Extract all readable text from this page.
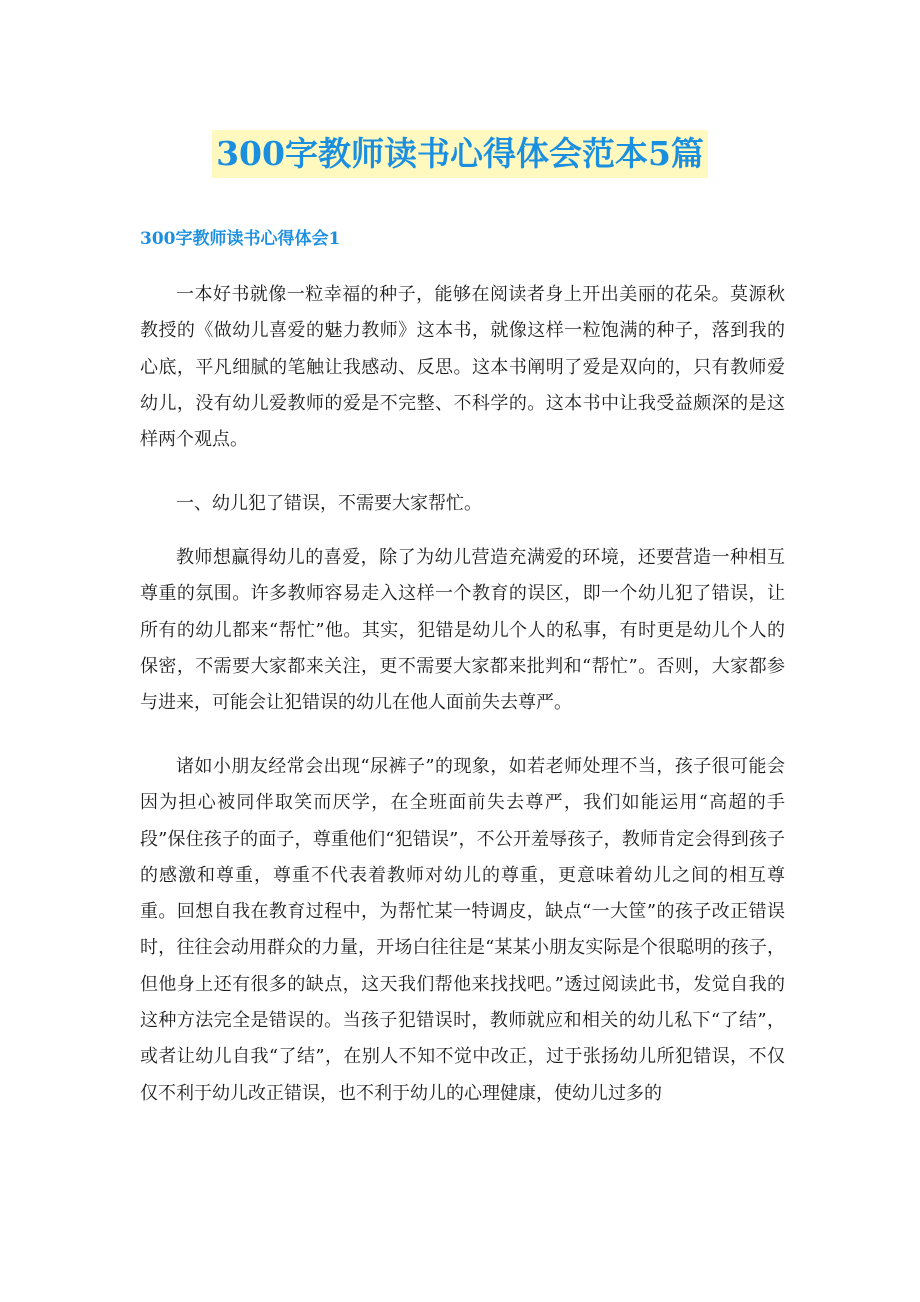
300字教师读书心得体会范本5篇
300字教师读书心得体会1

一本好书就像一粒幸福的种子，能够在阅读者身上开出美丽的花朵。莫源秋教授的《做幼儿喜爱的魅力教师》这本书，就像这样一粒饱满的种子，落到我的心底，平凡细腻的笔触让我感动、反思。这本书阐明了爱是双向的，只有教师爱幼儿，没有幼儿爱教师的爱是不完整、不科学的。这本书中让我受益颇深的是这样两个观点。

一、幼儿犯了错误，不需要大家帮忙。

教师想赢得幼儿的喜爱，除了为幼儿营造充满爱的环境，还要营造一种相互尊重的氛围。许多教师容易走入这样一个教育的误区，即一个幼儿犯了错误，让所有的幼儿都来“帮忙”他。其实，犯错是幼儿个人的私事，有时更是幼儿个人的保密，不需要大家都来关注，更不需要大家都来批判和“帮忙”。否则，大家都参与进来，可能会让犯错误的幼儿在他人面前失去尊严。

诸如小朋友经常会出现“尿裤子”的现象，如若老师处理不当，孩子很可能会因为担心被同伴取笑而厌学，在全班面前失去尊严，我们如能运用“高超的手段”保住孩子的面子，尊重他们“犯错误”，不公开羞辱孩子，教师肯定会得到孩子的感激和尊重，尊重不代表着教师对幼儿的尊重，更意味着幼儿之间的相互尊重。回想自我在教育过程中，为帮忙某一特调皮，缺点“一大筐”的孩子改正错误时，往往会动用群众的力量，开场白往往是“某某小朋友实际是个很聪明的孩子，但他身上还有很多的缺点，这天我们帮他来找找吧。”透过阅读此书，发觉自我的这种方法完全是错误的。当孩子犯错误时，教师就应和相关的幼儿私下“了结”，或者让幼儿自我“了结”，在别人不知不觉中改正，过于张扬幼儿所犯错误，不仅仅不利于幼儿改正错误，也不利于幼儿的心理健康，使幼儿过多的
